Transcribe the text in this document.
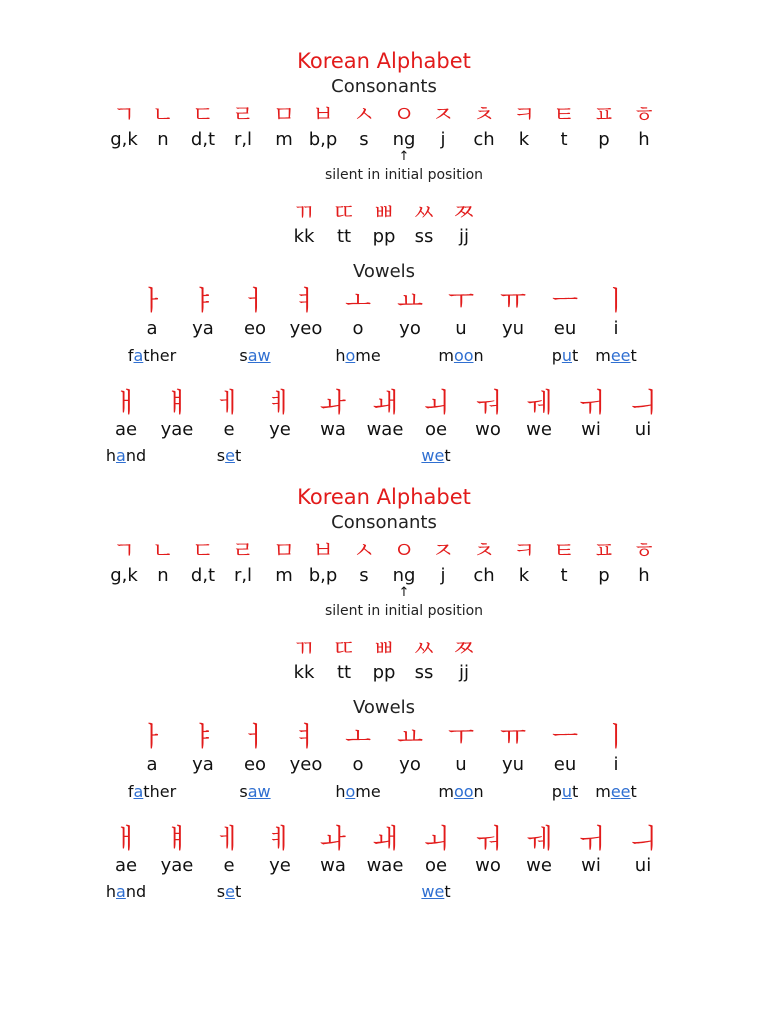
Korean Alphabet
Consonants
ㄱ ㄴ ㄷ ㄹ ㅁ ㅂ ㅅ ㅇ ㅈ ㅊ ㅋ ㅌ ㅍ ㅎ
g,k n d,t r,l m b,p s ng j ch k t p h
↑
silent in initial position
ㄲ ㄸ ㅃ ㅆ ㅉ
kk tt pp ss jj
Vowels
ㅏ ㅑ ㅓ ㅕ ㅗ ㅛ ㅜ ㅠ ㅡ ㅣ
a ya eo yeo o yo u yu eu i
father	saw	home	moon	put meet
ㅐ ㅒ ㅔ ㅖ ㅘ ㅙ ㅚ ㅝ ㅞ ㅟ ㅢ
ae yae e ye wa wae oe wo we wi ui
hand	set	wet
Korean Alphabet
Consonants
ㄱ ㄴ ㄷ ㄹ ㅁ ㅂ ㅅ ㅇ ㅈ ㅊ ㅋ ㅌ ㅍ ㅎ
g,k n d,t r,l m b,p s ng j ch k t p h
↑
silent in initial position
ㄲ ㄸ ㅃ ㅆ ㅉ
kk tt pp ss jj
Vowels
ㅏ ㅑ ㅓ ㅕ ㅗ ㅛ ㅜ ㅠ ㅡ ㅣ
a ya eo yeo o yo u yu eu i
father	saw	home	moon	put meet
ㅐ ㅒ ㅔ ㅖ ㅘ ㅙ ㅚ ㅝ ㅞ ㅟ ㅢ
ae yae e ye wa wae oe wo we wi ui
hand	set	wet
